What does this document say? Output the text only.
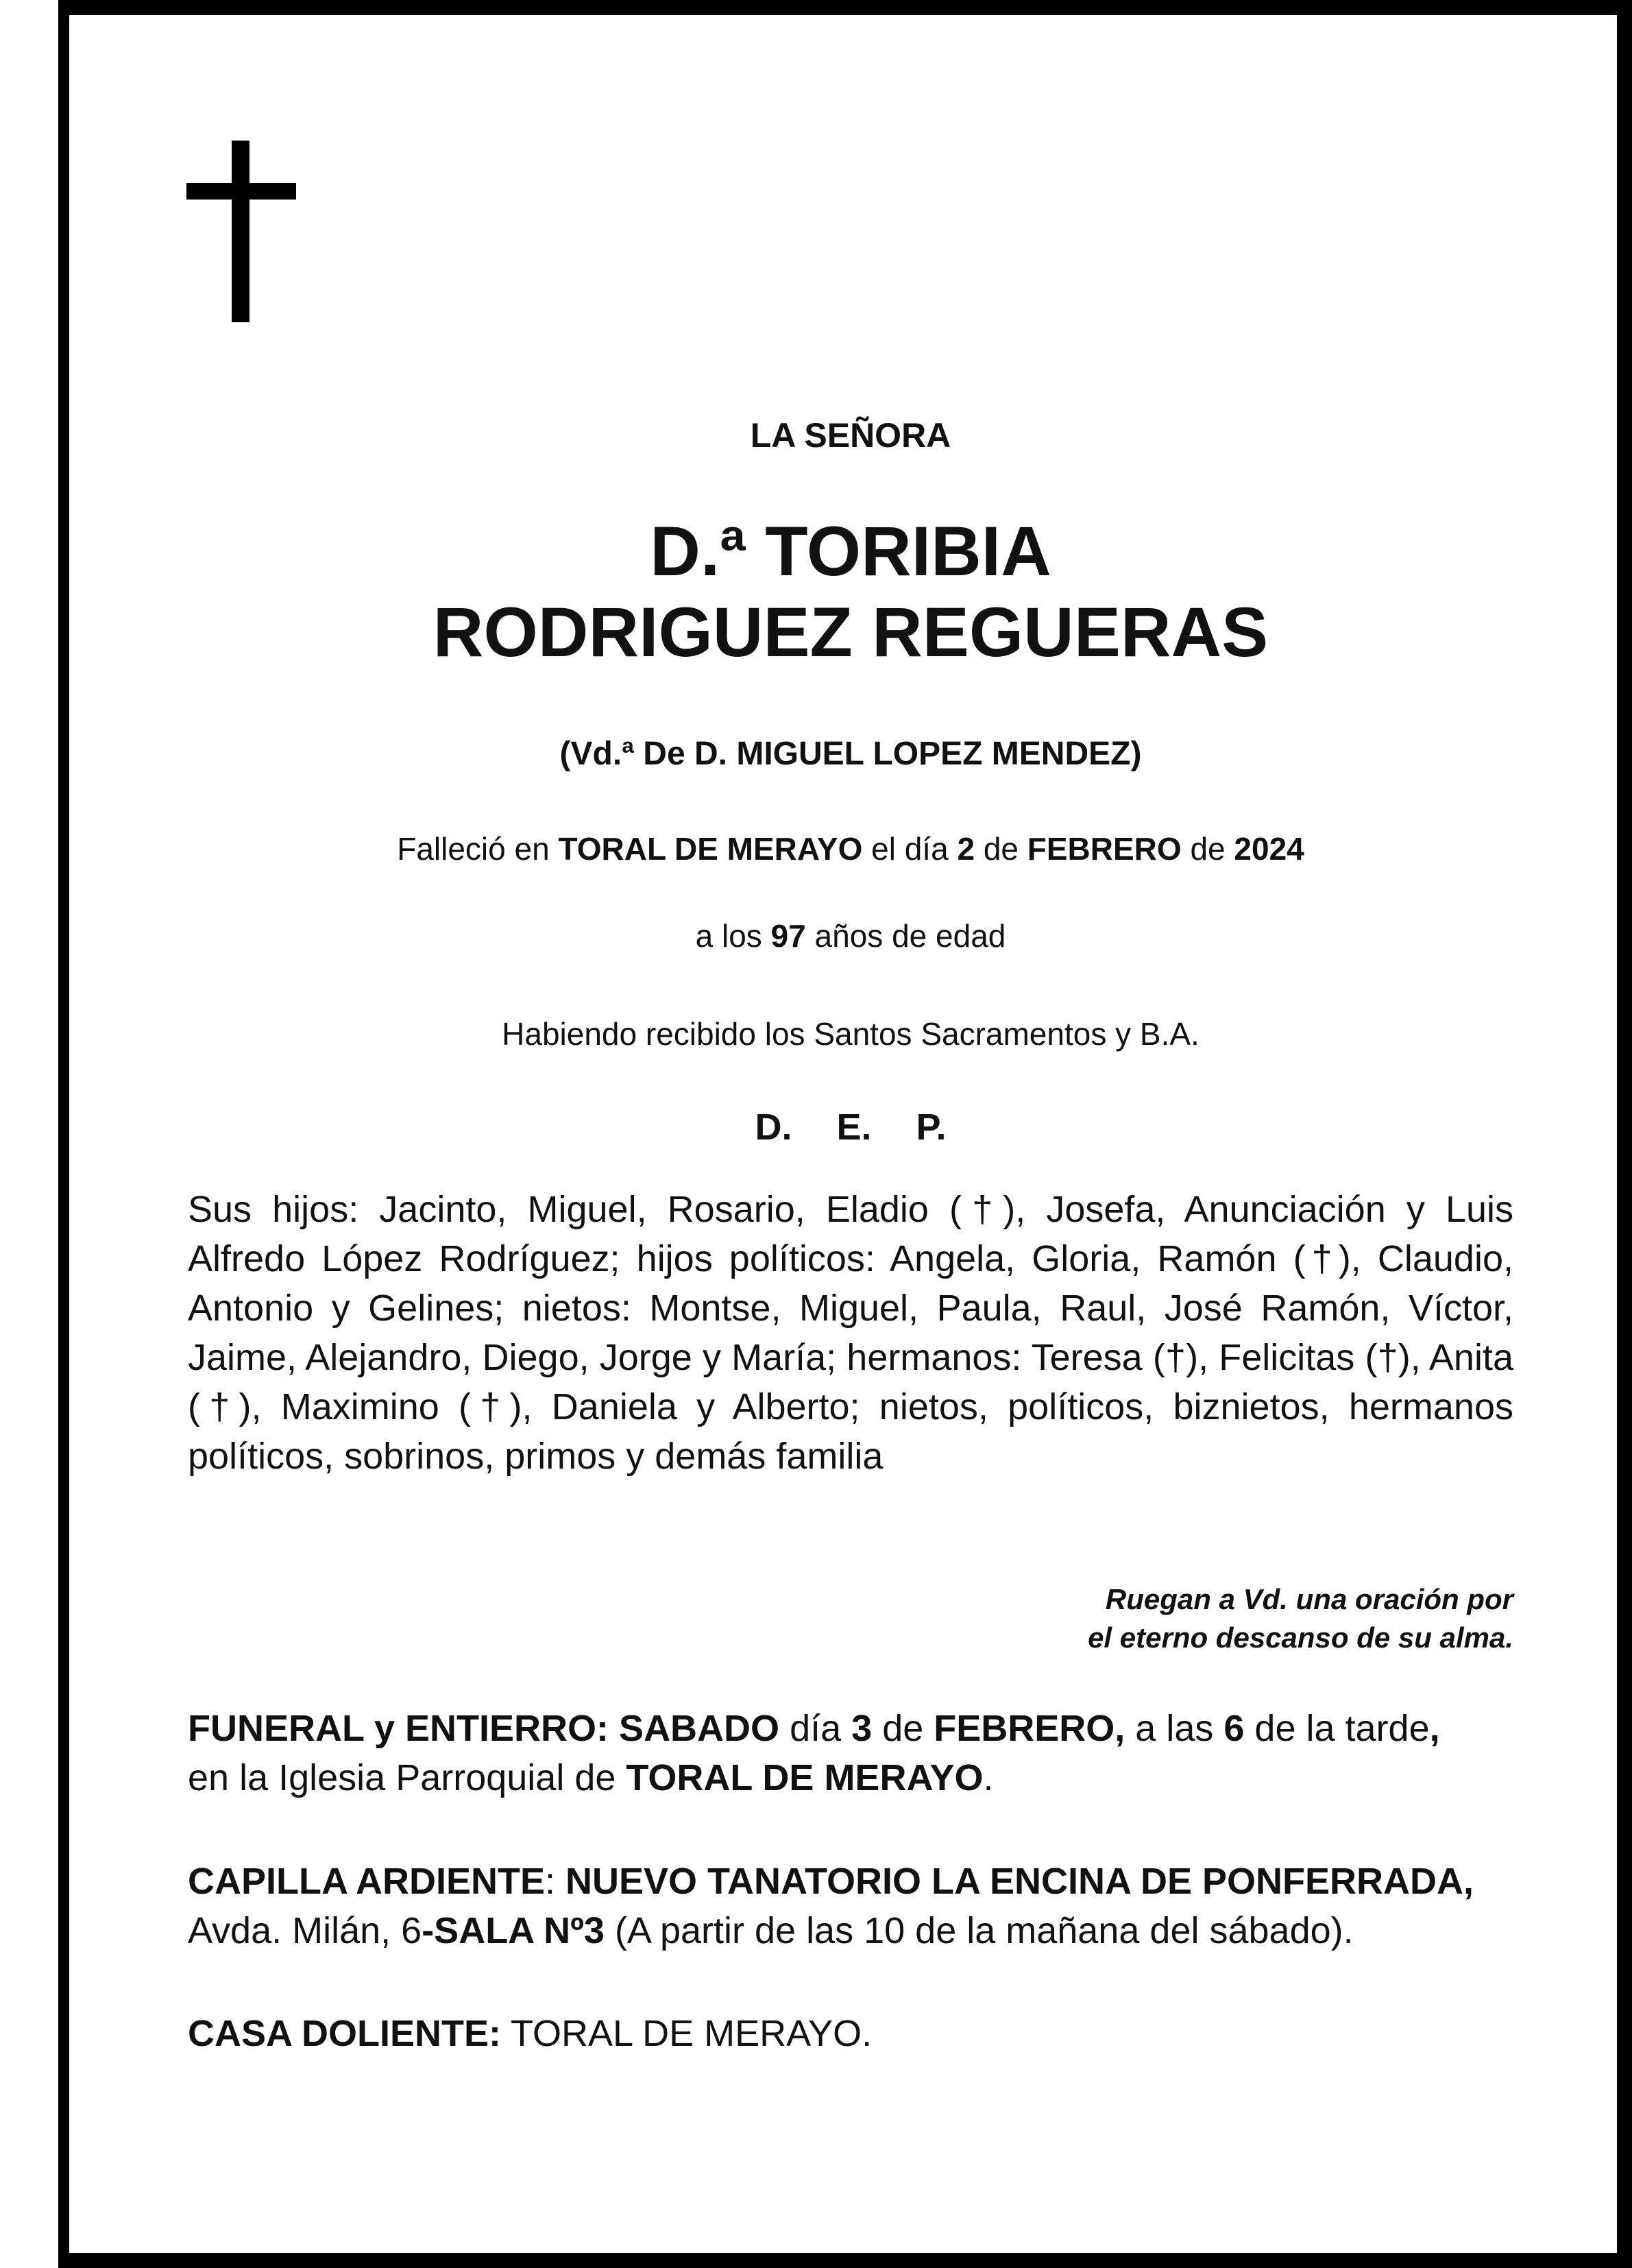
LA SEÑORA
D.ª TORIBIA
RODRIGUEZ REGUERAS
(Vd.ª De D. MIGUEL LOPEZ MENDEZ)
Falleció en TORAL DE MERAYO el día 2 de FEBRERO de 2024
a los 97 años de edad
Habiendo recibido los Santos Sacramentos y B.A.
D. E. P.
Sus hijos: Jacinto, Miguel, Rosario, Eladio (†), Josefa, Anunciación y Luis Alfredo López Rodríguez; hijos políticos: Angela, Gloria, Ramón (†), Claudio, Antonio y Gelines; nietos: Montse, Miguel, Paula, Raul, José Ramón, Víctor, Jaime, Alejandro, Diego, Jorge y María; hermanos: Teresa (†), Felicitas (†), Anita (†), Maximino (†), Daniela y Alberto; nietos, políticos, biznietos, hermanos políticos, sobrinos, primos y demás familia
Ruegan a Vd. una oración por
el eterno descanso de su alma.
FUNERAL y ENTIERRO: SABADO día 3 de FEBRERO, a las 6 de la tarde,
en la Iglesia Parroquial de TORAL DE MERAYO.
CAPILLA ARDIENTE: NUEVO TANATORIO LA ENCINA DE PONFERRADA,
Avda. Milán, 6-SALA Nº3 (A partir de las 10 de la mañana del sábado).
CASA DOLIENTE: TORAL DE MERAYO.
